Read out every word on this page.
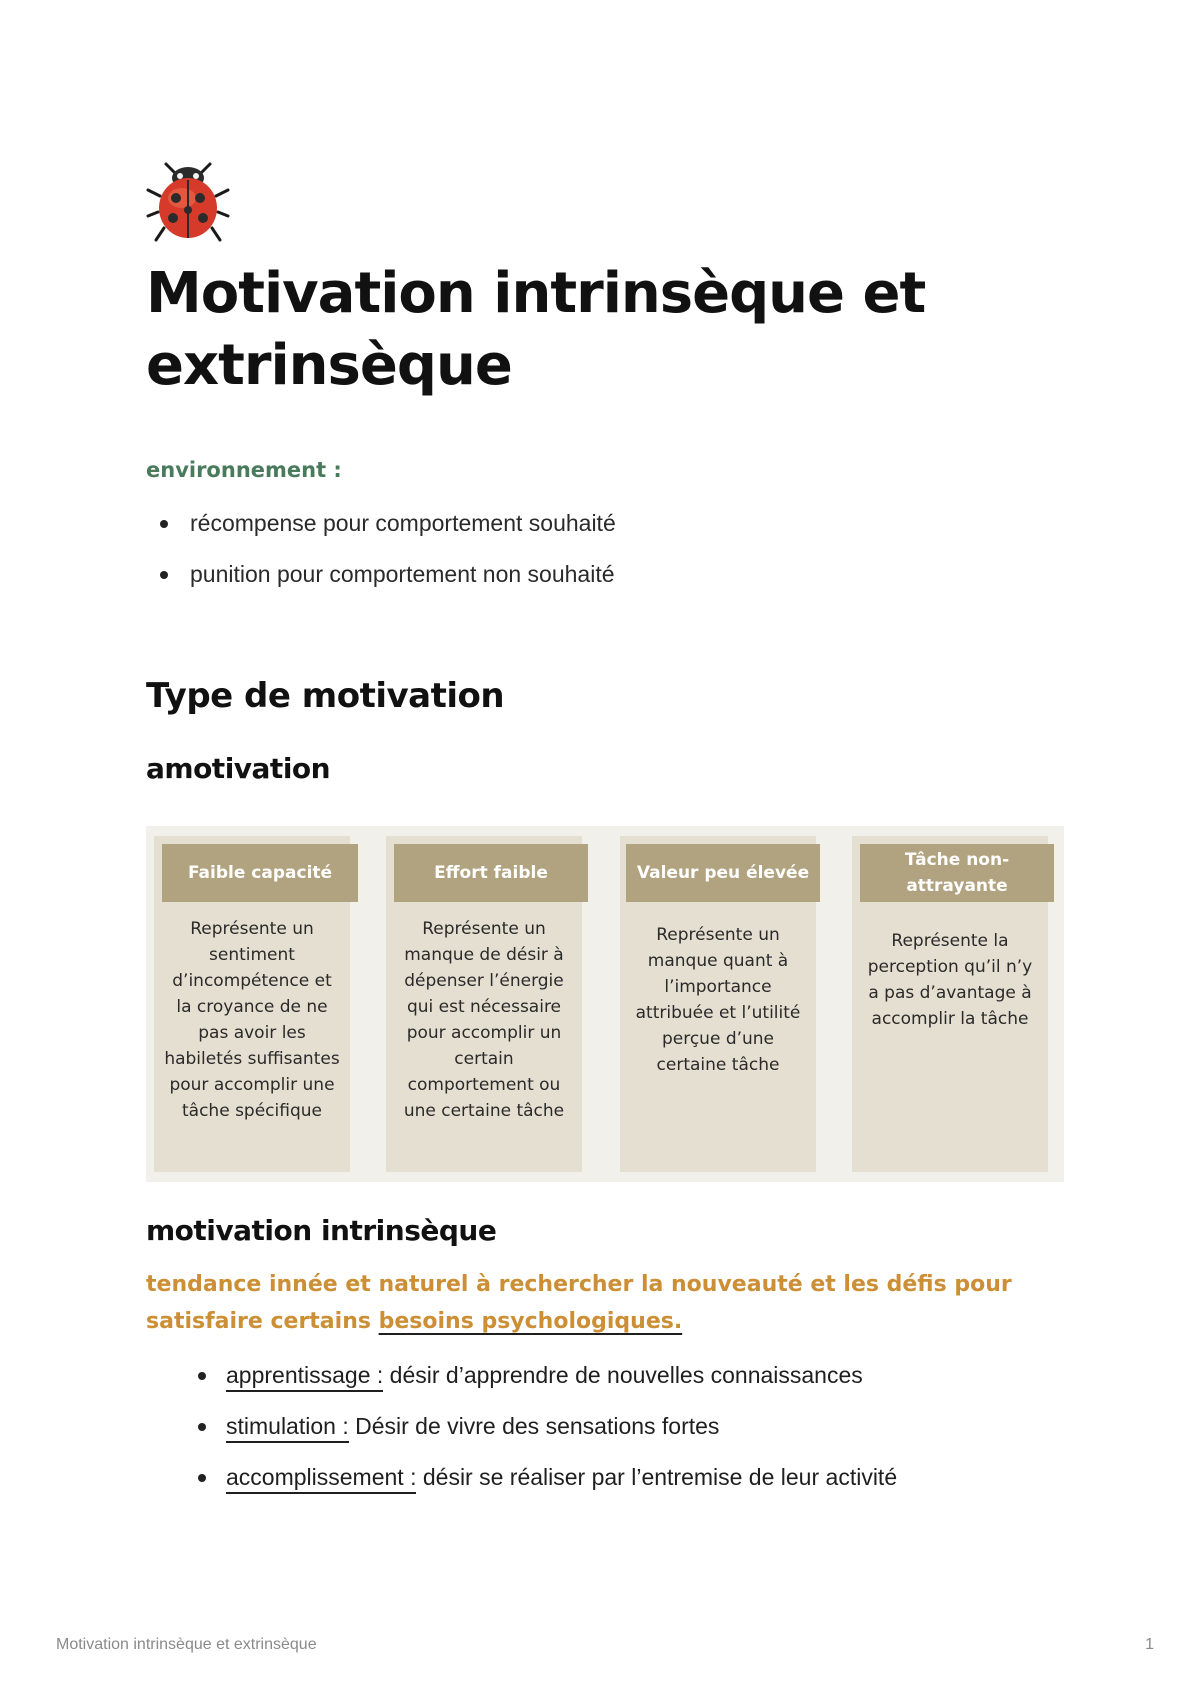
Motivation intrinsèque et extrinsèque

environnement :

récompense pour comportement souhaité
punition pour comportement non souhaité
Type de motivation
amotivation
Faible capacité
Représente un sentiment d’incompétence et la croyance de ne pas avoir les habiletés suffisantes pour accomplir une tâche spécifique
Effort faible
Représente un manque de désir à dépenser l’énergie qui est nécessaire pour accomplir un certain comportement ou une certaine tâche
Valeur peu élevée
Représente un manque quant à l’importance attribuée et l’utilité perçue d’une certaine tâche
Tâche non-attrayante
Représente la perception qu’il n’y a pas d’avantage à accomplir la tâche
motivation intrinsèque

tendance innée et naturel à rechercher la nouveauté et les défis pour satisfaire certains besoins psychologiques.

apprentissage : désir d’apprendre de nouvelles connaissances
stimulation : Désir de vivre des sensations fortes
accomplissement : désir se réaliser par l’entremise de leur activité
Motivation intrinsèque et extrinsèque	1
